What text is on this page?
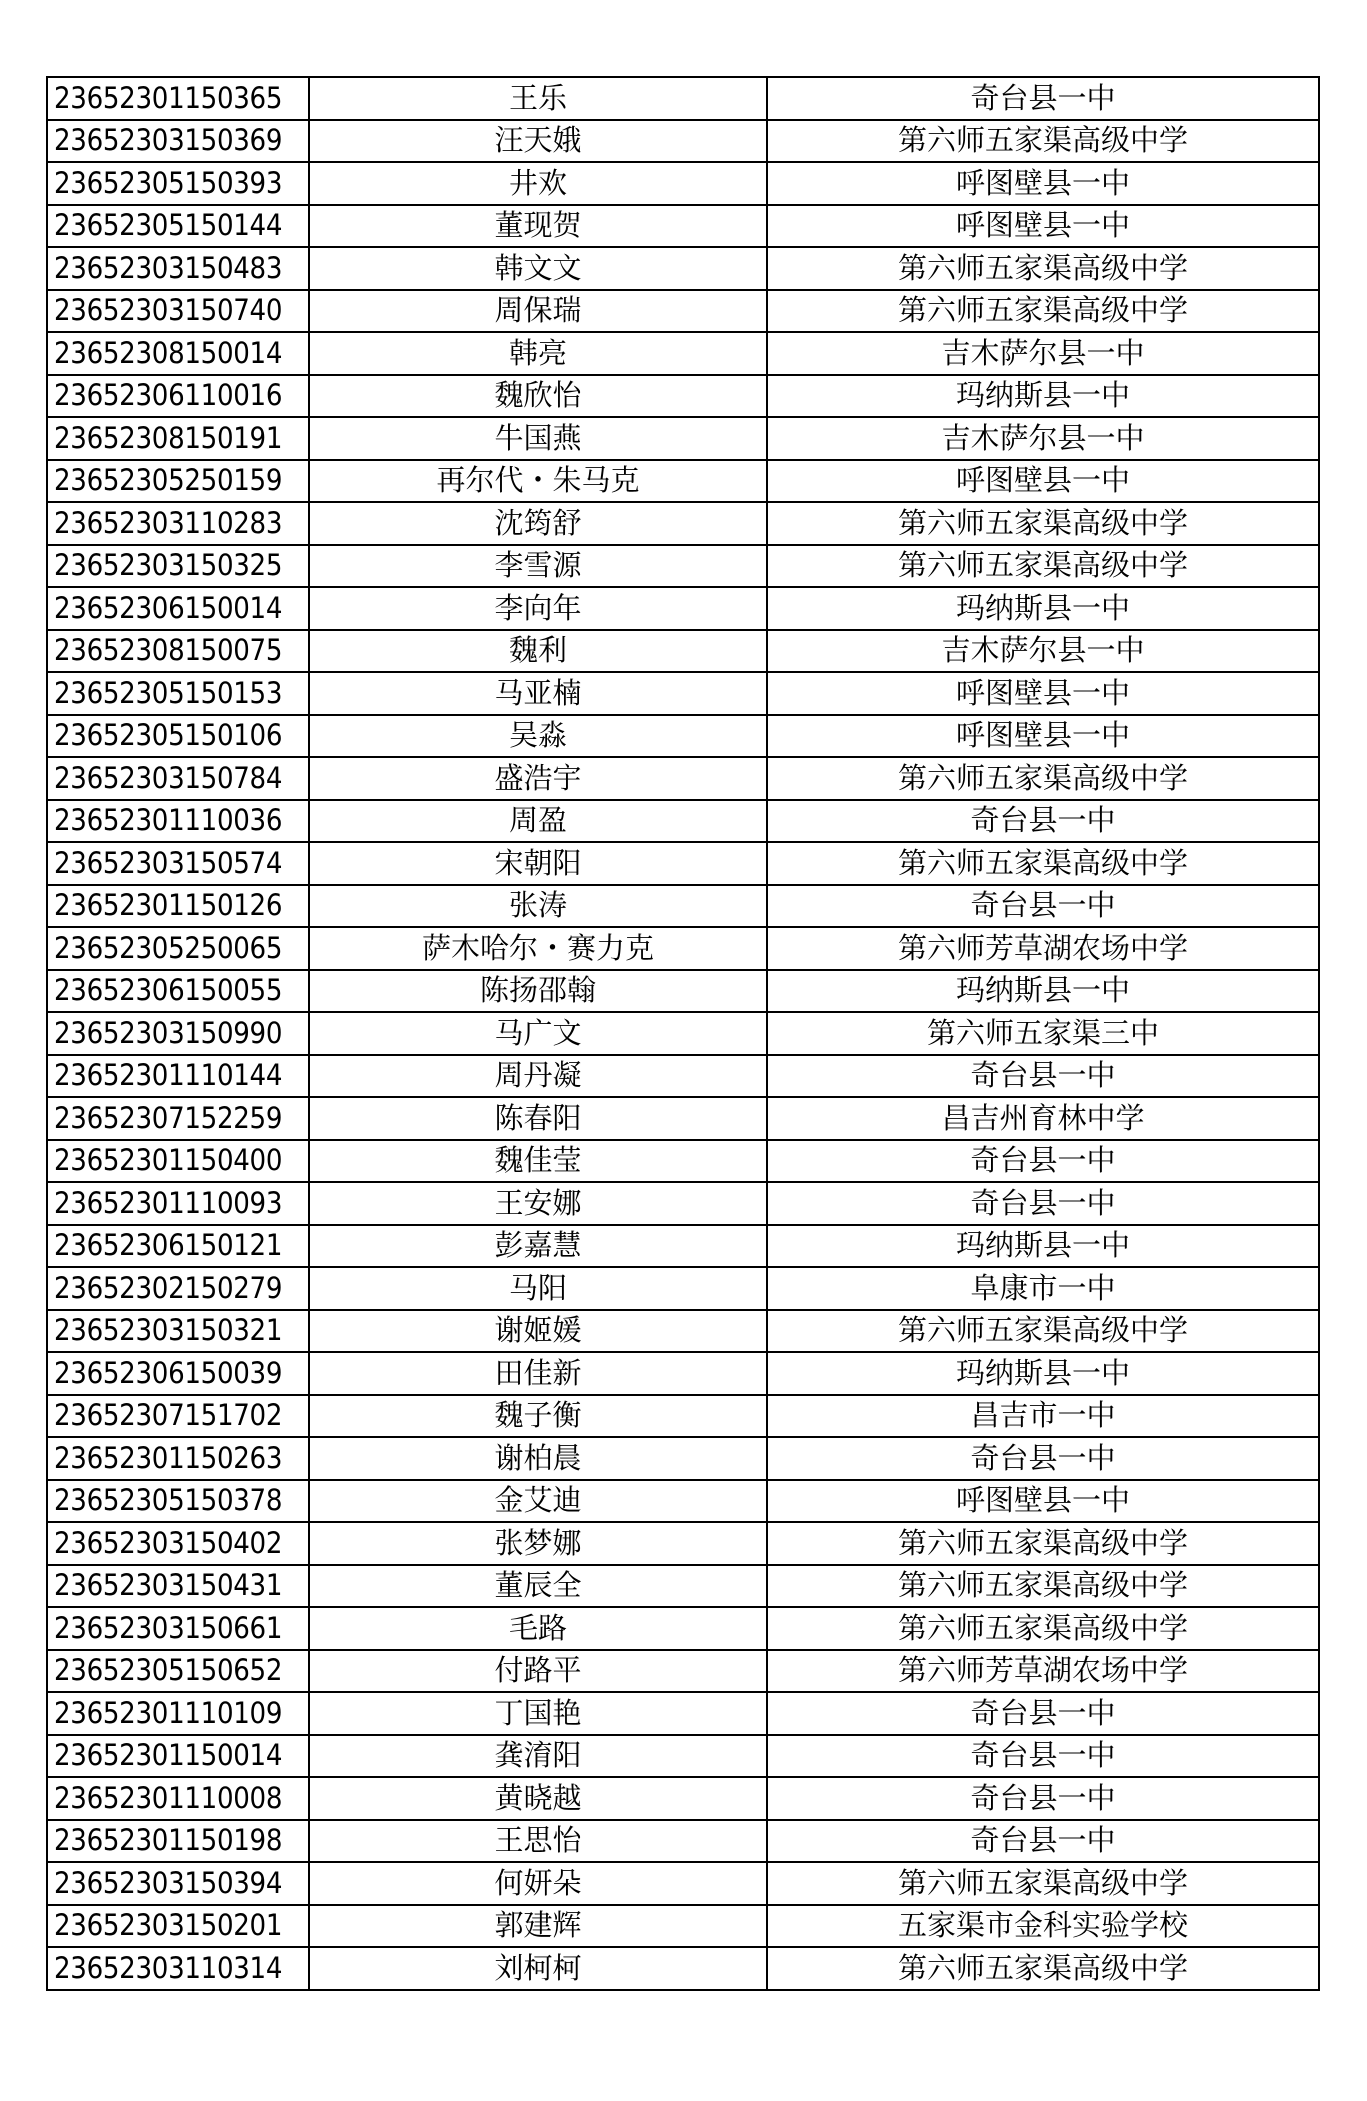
23652301150365	王乐	奇台县一中
23652303150369	汪天娥	第六师五家渠高级中学
23652305150393	井欢	呼图壁县一中
23652305150144	董现贺	呼图壁县一中
23652303150483	韩文文	第六师五家渠高级中学
23652303150740	周保瑞	第六师五家渠高级中学
23652308150014	韩亮	吉木萨尔县一中
23652306110016	魏欣怡	玛纳斯县一中
23652308150191	牛国燕	吉木萨尔县一中
23652305250159	再尔代・朱马克	呼图壁县一中
23652303110283	沈筠舒	第六师五家渠高级中学
23652303150325	李雪源	第六师五家渠高级中学
23652306150014	李向年	玛纳斯县一中
23652308150075	魏利	吉木萨尔县一中
23652305150153	马亚楠	呼图壁县一中
23652305150106	吴淼	呼图壁县一中
23652303150784	盛浩宇	第六师五家渠高级中学
23652301110036	周盈	奇台县一中
23652303150574	宋朝阳	第六师五家渠高级中学
23652301150126	张涛	奇台县一中
23652305250065	萨木哈尔・赛力克	第六师芳草湖农场中学
23652306150055	陈扬邵翰	玛纳斯县一中
23652303150990	马广文	第六师五家渠三中
23652301110144	周丹凝	奇台县一中
23652307152259	陈春阳	昌吉州育林中学
23652301150400	魏佳莹	奇台县一中
23652301110093	王安娜	奇台县一中
23652306150121	彭嘉慧	玛纳斯县一中
23652302150279	马阳	阜康市一中
23652303150321	谢姬媛	第六师五家渠高级中学
23652306150039	田佳新	玛纳斯县一中
23652307151702	魏子衡	昌吉市一中
23652301150263	谢柏晨	奇台县一中
23652305150378	金艾迪	呼图壁县一中
23652303150402	张梦娜	第六师五家渠高级中学
23652303150431	董辰全	第六师五家渠高级中学
23652303150661	毛路	第六师五家渠高级中学
23652305150652	付路平	第六师芳草湖农场中学
23652301110109	丁国艳	奇台县一中
23652301150014	龚淯阳	奇台县一中
23652301110008	黄晓越	奇台县一中
23652301150198	王思怡	奇台县一中
23652303150394	何妍朵	第六师五家渠高级中学
23652303150201	郭建辉	五家渠市金科实验学校
23652303110314	刘柯柯	第六师五家渠高级中学
